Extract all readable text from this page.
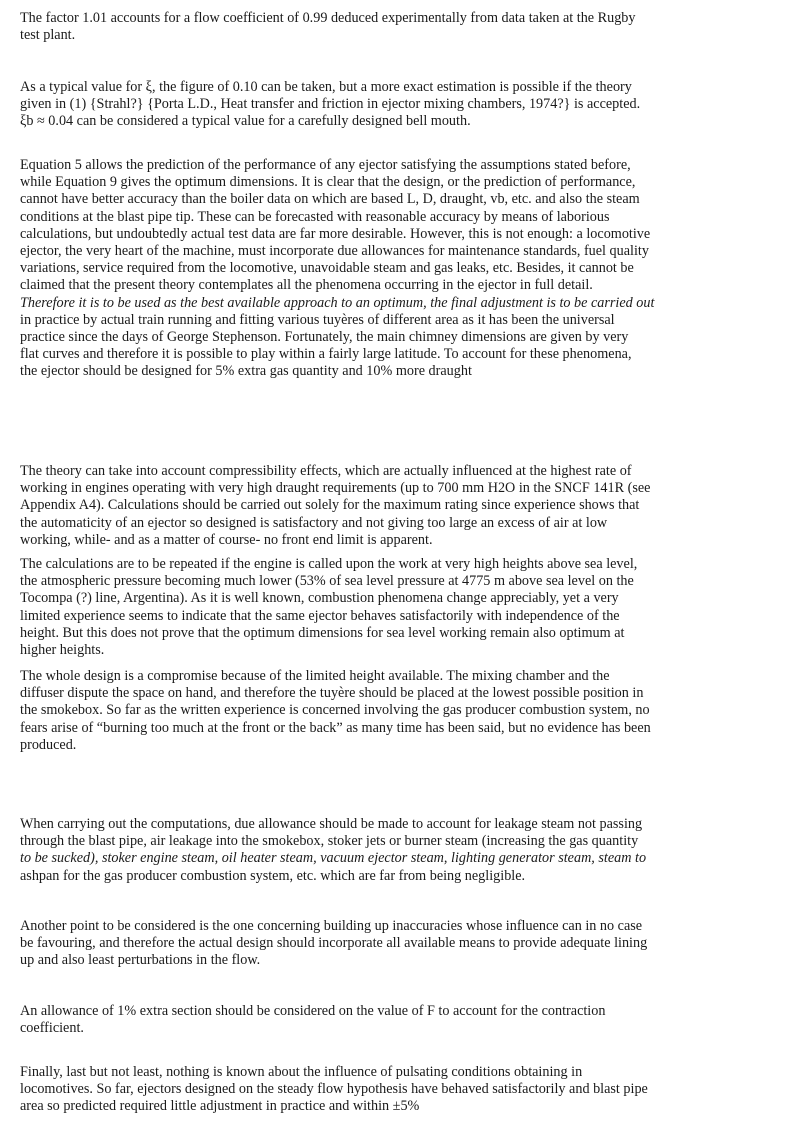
The factor 1.01 accounts for a flow coefficient of 0.99 deduced experimentally from data taken at the Rugby
test plant.
As a typical value for ξ, the figure of 0.10 can be taken, but a more exact estimation is possible if the theory
given in (1) {Strahl?} {Porta L.D., Heat transfer and friction in ejector mixing chambers, 1974?} is accepted.
ξb ≈ 0.04 can be considered a typical value for a carefully designed bell mouth.
Equation 5 allows the prediction of the performance of any ejector satisfying the assumptions stated before,
while Equation 9 gives the optimum dimensions. It is clear that the design, or the prediction of performance,
cannot have better accuracy than the boiler data on which are based L, D, draught, vb, etc. and also the steam
conditions at the blast pipe tip. These can be forecasted with reasonable accuracy by means of laborious
calculations, but undoubtedly actual test data are far more desirable. However, this is not enough: a locomotive
ejector, the very heart of the machine, must incorporate due allowances for maintenance standards, fuel quality
variations, service required from the locomotive, unavoidable steam and gas leaks, etc. Besides, it cannot be
claimed that the present theory contemplates all the phenomena occurring in the ejector in full detail.
Therefore it is to be used as the best available approach to an optimum, the final adjustment is to be carried out
in practice by actual train running and fitting various tuyères of different area as it has been the universal
practice since the days of George Stephenson. Fortunately, the main chimney dimensions are given by very
flat curves and therefore it is possible to play within a fairly large latitude. To account for these phenomena,
the ejector should be designed for 5% extra gas quantity and 10% more draught
The theory can take into account compressibility effects, which are actually influenced at the highest rate of
working in engines operating with very high draught requirements (up to 700 mm H2O in the SNCF 141R (see
Appendix A4). Calculations should be carried out solely for the maximum rating since experience shows that
the automaticity of an ejector so designed is satisfactory and not giving too large an excess of air at low
working, while- and as a matter of course- no front end limit is apparent.
The calculations are to be repeated if the engine is called upon the work at very high heights above sea level,
the atmospheric pressure becoming much lower (53% of sea level pressure at 4775 m above sea level on the
Tocompa (?) line, Argentina). As it is well known, combustion phenomena change appreciably, yet a very
limited experience seems to indicate that the same ejector behaves satisfactorily with independence of the
height. But this does not prove that the optimum dimensions for sea level working remain also optimum at
higher heights.
The whole design is a compromise because of the limited height available. The mixing chamber and the
diffuser dispute the space on hand, and therefore the tuyère should be placed at the lowest possible position in
the smokebox. So far as the written experience is concerned involving the gas producer combustion system, no
fears arise of “burning too much at the front or the back” as many time has been said, but no evidence has been
produced.
When carrying out the computations, due allowance should be made to account for leakage steam not passing
through the blast pipe, air leakage into the smokebox, stoker jets or burner steam (increasing the gas quantity
to be sucked), stoker engine steam, oil heater steam, vacuum ejector steam, lighting generator steam, steam to
ashpan for the gas producer combustion system, etc. which are far from being negligible.
Another point to be considered is the one concerning building up inaccuracies whose influence can in no case
be favouring, and therefore the actual design should incorporate all available means to provide adequate lining
up and also least perturbations in the flow.
An allowance of 1% extra section should be considered on the value of F to account for the contraction
coefficient.
Finally, last but not least, nothing is known about the influence of pulsating conditions obtaining in
locomotives. So far, ejectors designed on the steady flow hypothesis have behaved satisfactorily and blast pipe
area so predicted required little adjustment in practice and within ±5%
